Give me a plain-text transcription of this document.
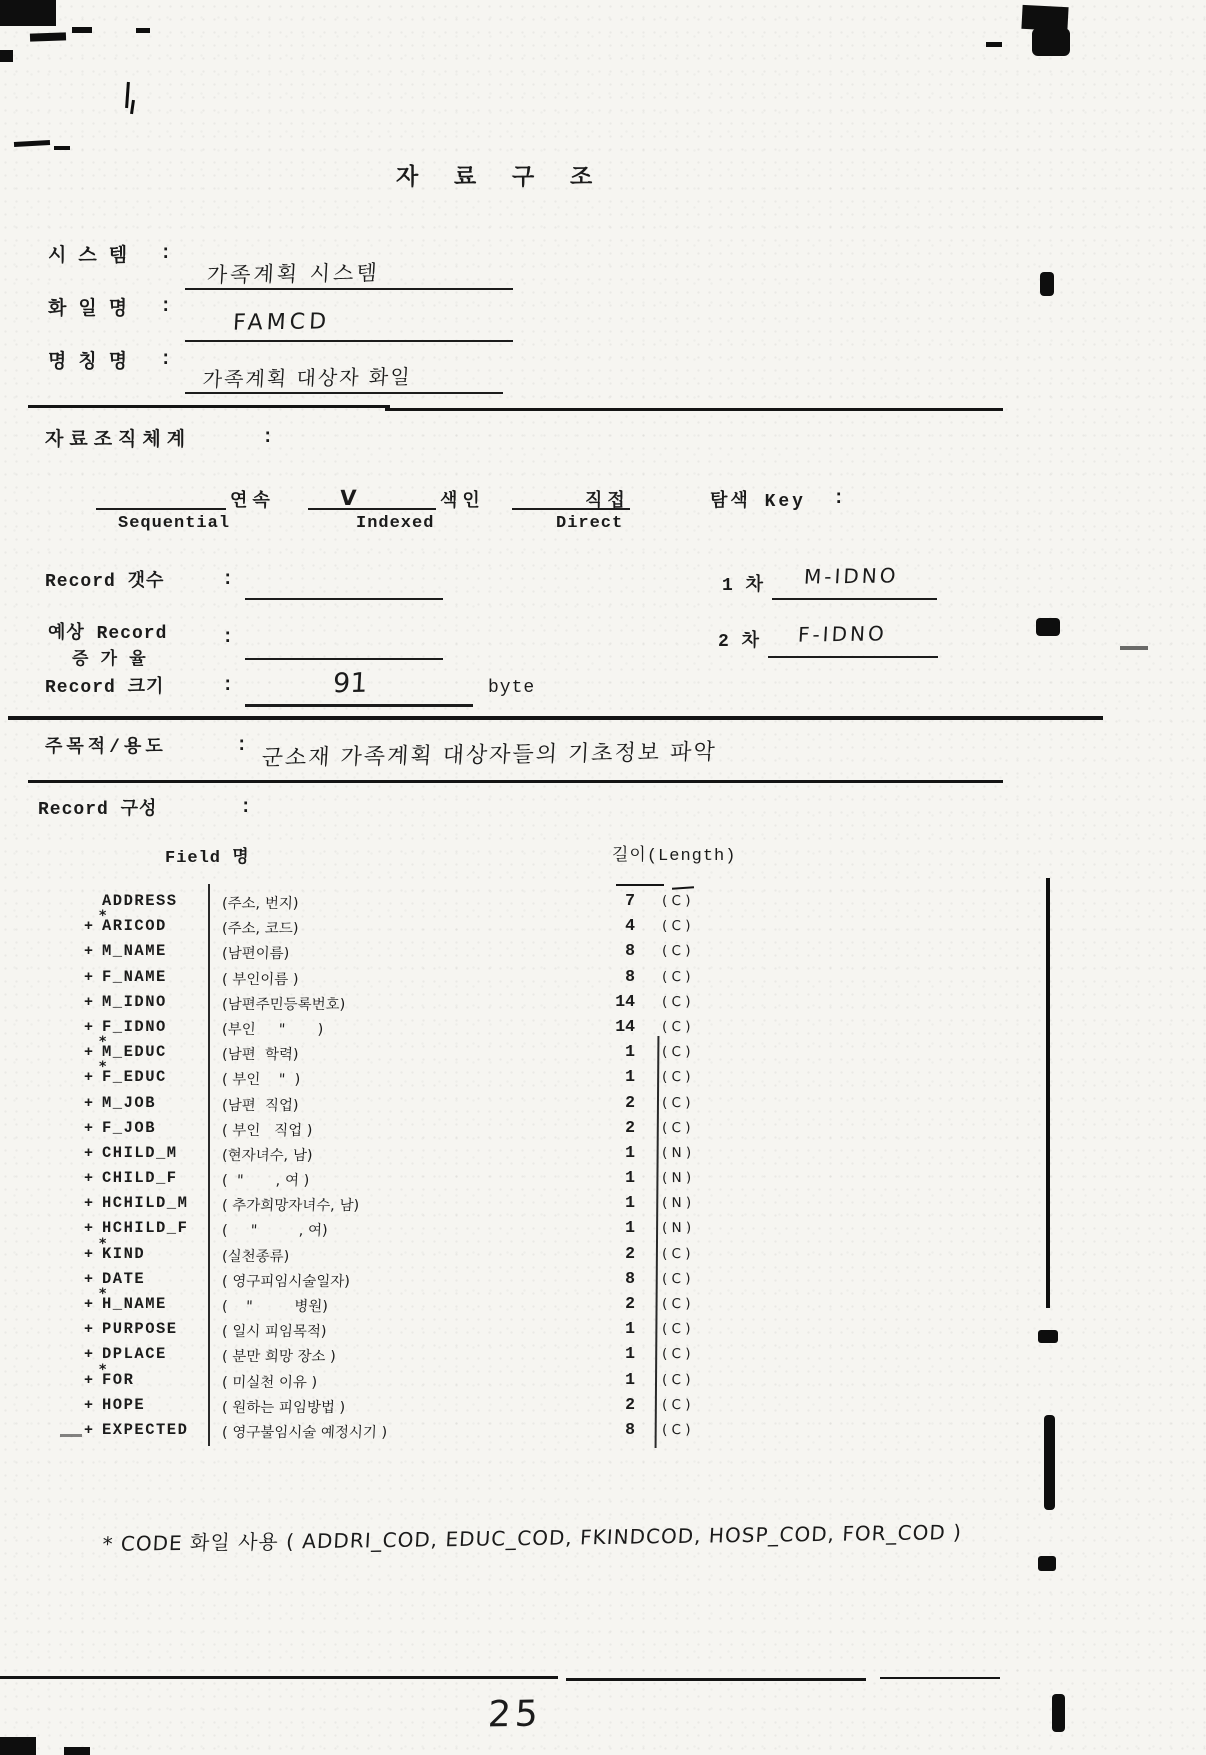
자 료 구 조
시스템 :
가족계획 시스템
화일명 :
FAMCD
명칭명 :
가족계획 대상자 화일
자료조직체계	:
연속
Sequential
V	색인
Indexed
직접
Direct
탐색 Key :
Record 갯수	:	1 차	M-IDNO
예상 Record
증 가 율
:	2 차	F-IDNO
Record 크기	:	91	byte
주목적/용도	: 군소재 가족계획 대상자들의 기초정보 파악
Record 구성	:
Field 명	길이(Length)
ADDRESS	(주소, 번지)	7 ( C )
+
*
ARICOD	(주소, 코드)	4 ( C )
+ M_NAME	(남편이름)	8 ( C )
+ F_NAME	( 부인이름 )	8 ( C )
+ M_IDNO	(남편주민등록번호)	14 ( C )
+ F_IDNO	(부인     "       )	14 ( C )
+
*
M_EDUC	(남편  학력)	1 ( C )
+
*
F_EDUC	( 부인    "  )	1 ( C )
+ M_JOB	(남편  직업)	2 ( C )
+ F_JOB	( 부인   직업 )	2 ( C )
+ CHILD_M	(현자녀수, 남)	1 ( N )
+ CHILD_F	(  "       , 여 )	1 ( N )
+ HCHILD_M ( 추가희망자녀수, 남)	1 ( N )
+ HCHILD_F (     "         , 여)	1 ( N )
+
*
KIND	(실천종류)	2 ( C )
+ DATE	( 영구피임시술일자)	8 ( C )
+
*
H_NAME	(    "         병원)	2 ( C )
+ PURPOSE	( 일시 피임목적)	1 ( C )
+ DPLACE	( 분만 희망 장소 )	1 ( C )
+
*
FOR	( 미실천 이유 )	1 ( C )
+ HOPE	( 원하는 피임방법 )	2 ( C )
+ EXPECTED ( 영구불임시술 예정시기 )	8 ( C )
* CODE 화일 사용 ( ADDRI_COD, EDUC_COD, FKINDCOD, HOSP_COD, FOR_COD )
25
